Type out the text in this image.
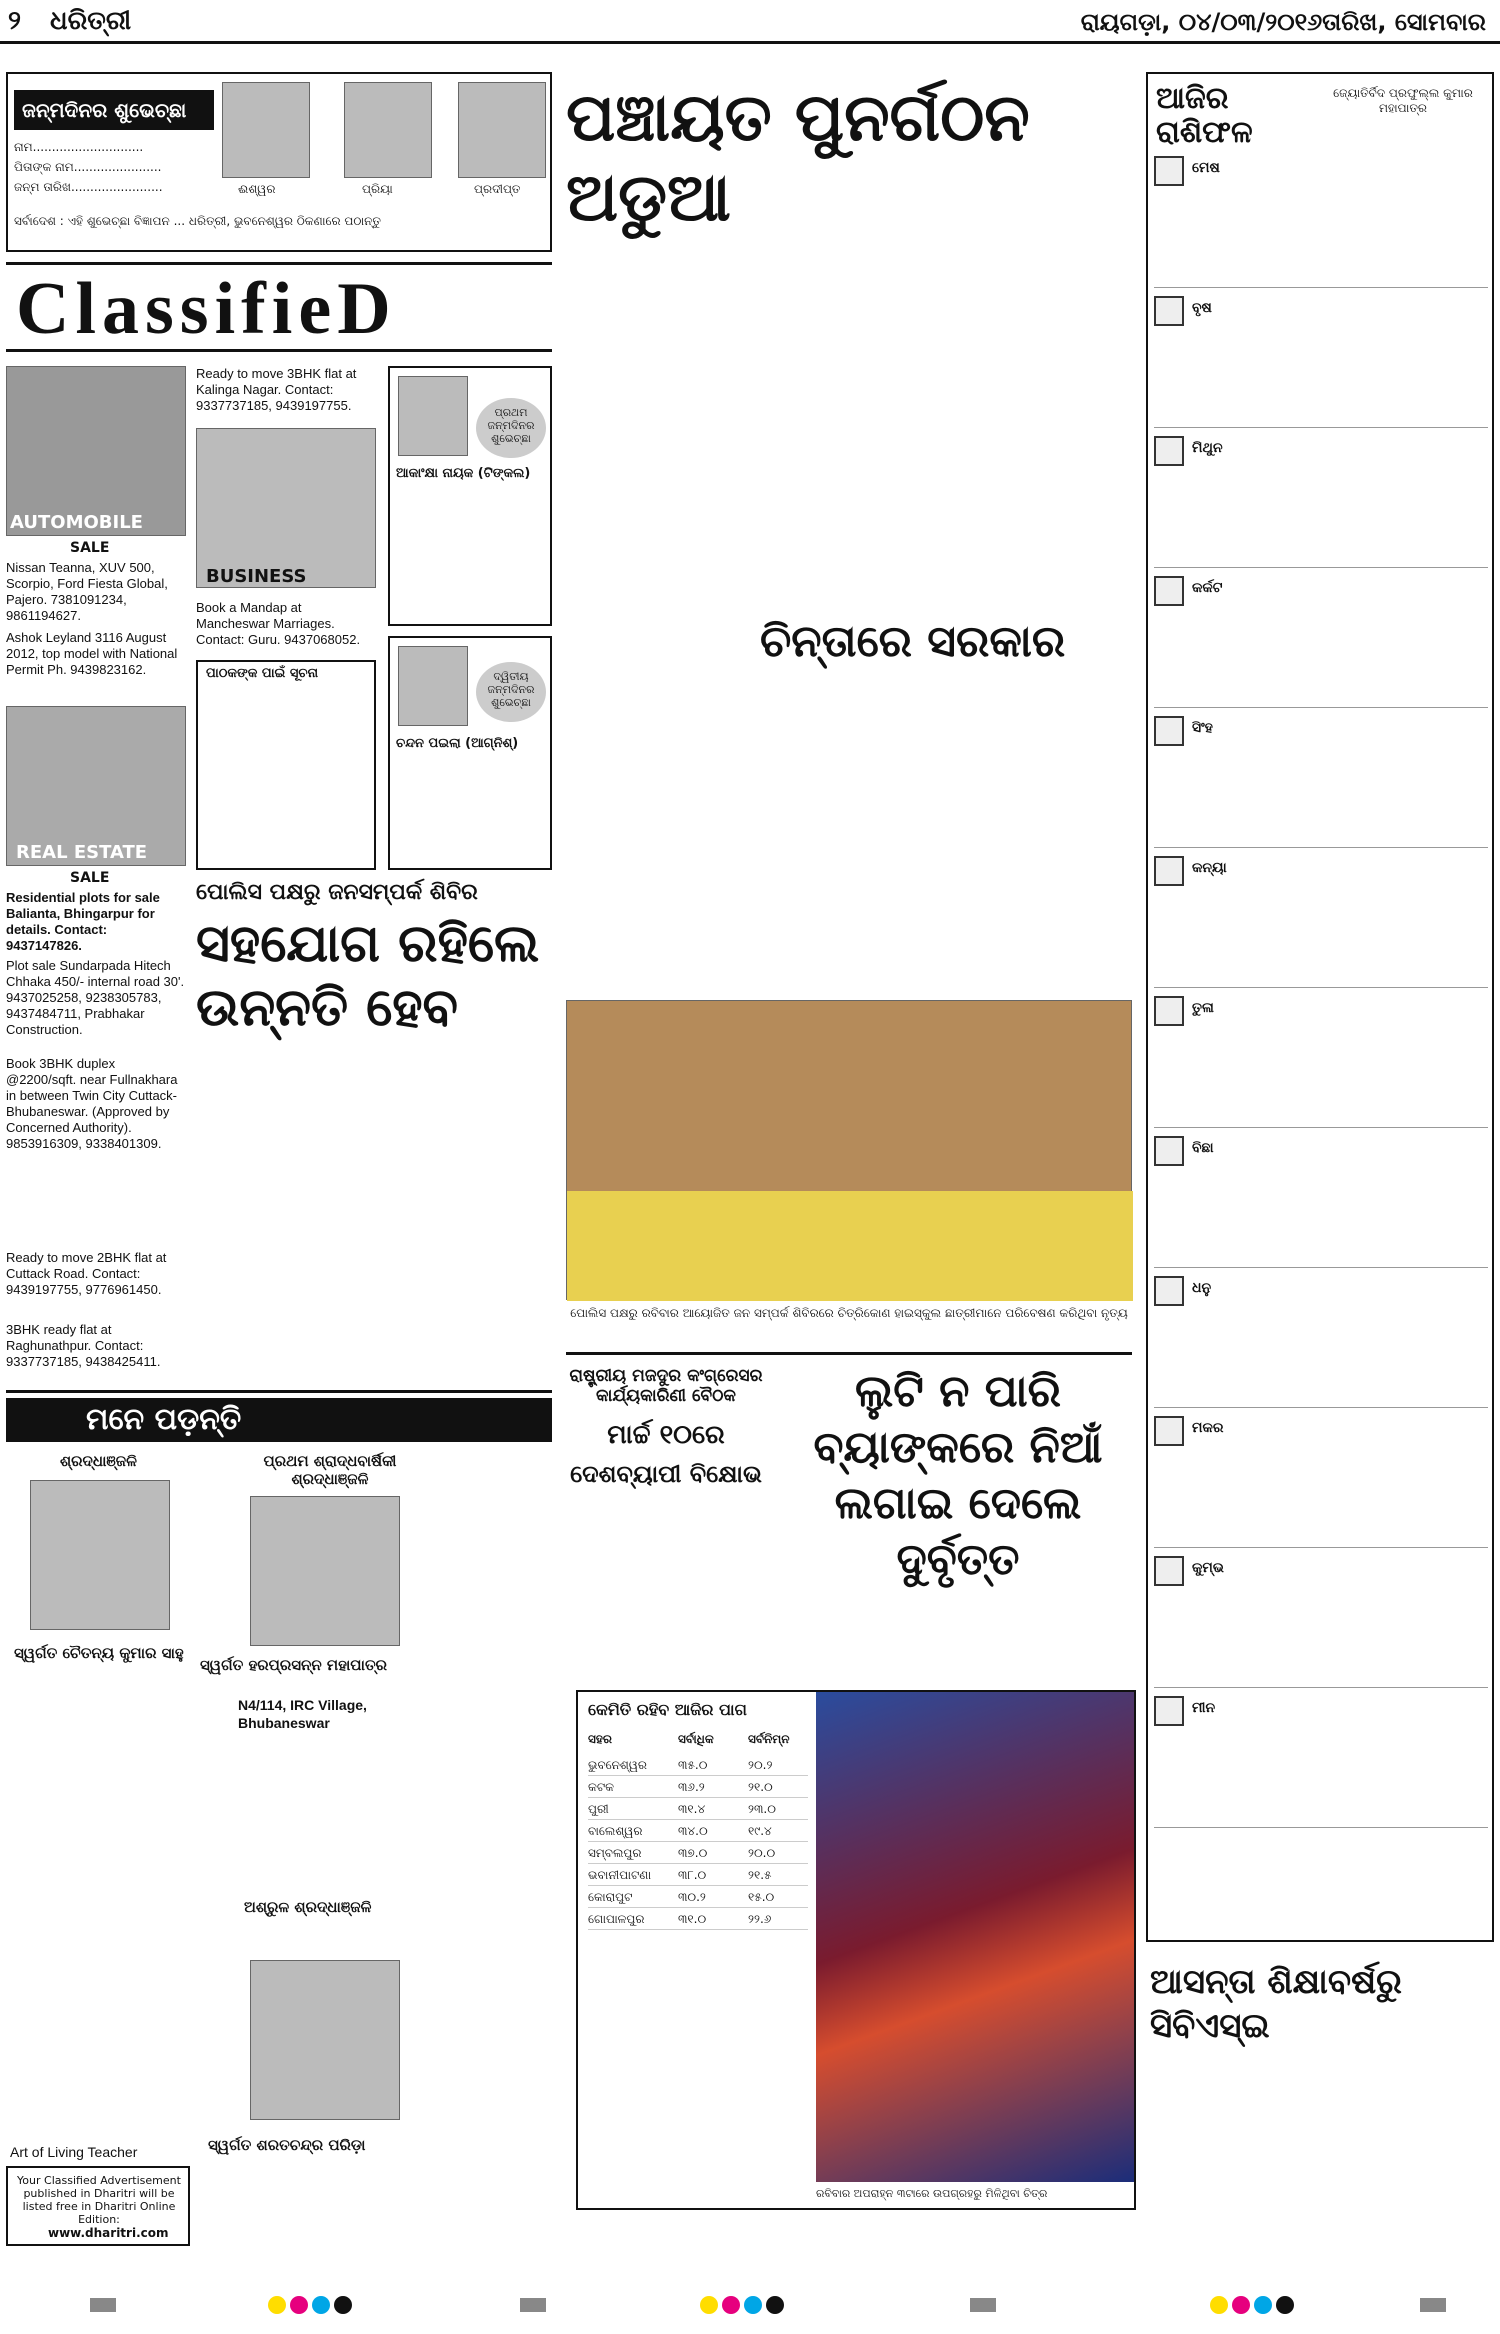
୨ ଧରିତ୍ରୀ	ରାୟଗଡ଼ା, ୦୪/୦୩/୨୦୧୬ତାରିଖ, ସୋମବାର
ଜନ୍ମଦିନର ଶୁଭେଚ୍ଛା
ନାମ.............................
ପିତାଙ୍କ ନାମ.......................
ଜନ୍ମ ତାରିଖ........................	ଈଶ୍ୱର	ପ୍ରିୟା	ପ୍ରଦୀପ୍ତ
ସର୍ବାଦେଶ : ଏହି ଶୁଭେଚ୍ଛା ବିଜ୍ଞାପନ ... ଧରିତ୍ରୀ, ଭୁବନେଶ୍ୱର ଠିକଣାରେ ପଠାନ୍ତୁ
ClassifieD
AUTOMOBILE
SALE
Nissan Teanna, XUV 500, Scorpio, Ford Fiesta Global, Pajero. 7381091234, 9861194627.
Ashok Leyland 3116 August 2012, top model with National Permit Ph. 9439823162.
REAL ESTATE
SALE
Residential plots for sale Balianta, Bhingarpur for details. Contact: 9437147826.
Plot sale Sundarpada Hitech Chhaka 450/- internal road 30'. 9437025258, 9238305783, 9437484711, Prabhakar Construction.
Book 3BHK duplex @2200/sqft. near Fullnakhara in between Twin City Cuttack-Bhubaneswar. (Approved by Concerned Authority). 9853916309, 9338401309.
Ready to move 2BHK flat at Cuttack Road. Contact: 9439197755, 9776961450.
3BHK ready flat at Raghunathpur. Contact: 9337737185, 9438425411.
Ready to move 3BHK flat at Kalinga Nagar. Contact: 9337737185, 9439197755.
BUSINESS
Book a Mandap at Mancheswar Marriages. Contact: Guru. 9437068052.
ପାଠକଙ୍କ ପାଇଁ ସୂଚନା
ପ୍ରଥମ ଜନ୍ମଦିନର ଶୁଭେଚ୍ଛା
ଆକାଂକ୍ଷା ନାୟକ (ଟିଙ୍କଲ)
ଦ୍ୱିତୀୟ ଜନ୍ମଦିନର ଶୁଭେଚ୍ଛା
ଚନ୍ଦନ ପଇଲା (ଆଗ୍ନିଶ୍)
ପୋଲିସ ପକ୍ଷରୁ ଜନସମ୍ପର୍କ ଶିବିର
ସହଯୋଗ ରହିଲେ ଉନ୍ନତି ହେବ
ମନେ ପଡ଼ନ୍ତି
ଶ୍ରଦ୍ଧାଞ୍ଜଳି
ସ୍ୱର୍ଗତ ଚୈତନ୍ୟ କୁମାର ସାହୁ
ପ୍ରଥମ ଶ୍ରାଦ୍ଧବାର୍ଷିକୀ ଶ୍ରଦ୍ଧାଞ୍ଜଳି
ସ୍ୱର୍ଗତ ହରପ୍ରସନ୍ନ ମହାପାତ୍ର
N4/114, IRC Village, Bhubaneswar
ଅଶ୍ରୁଳ ଶ୍ରଦ୍ଧାଞ୍ଜଳି
ସ୍ୱର୍ଗତ ଶରତଚନ୍ଦ୍ର ପରିଡ଼ା
Art of Living Teacher
Your Classified Advertisement published in Dharitri will be listed free in Dharitri Online Edition:
www.dharitri.com
ପଞ୍ଚାୟତ ପୁନର୍ଗଠନ ଅଡୁଆ
ଚିନ୍ତାରେ ସରକାର
ପୋଲିସ ପକ୍ଷରୁ ରବିବାର ଆୟୋଜିତ ଜନ ସମ୍ପର୍କ ଶିବିରରେ ଚିତ୍ରିକୋଣ ହାଇସ୍କୁଲ ଛାତ୍ରୀମାନେ ପରିବେଷଣ କରିଥିବା ନୃତ୍ୟ
ରାଷ୍ଟ୍ରୀୟ ମଜଦୁର କଂଗ୍ରେସର କାର୍ଯ୍ୟକାରିଣୀ ବୈଠକ
ମାର୍ଚ୍ଚ ୧୦ରେ
ଦେଶବ୍ୟାପୀ ବିକ୍ଷୋଭ
ଲୁଟି ନ ପାରି ବ୍ୟାଙ୍କରେ ନିଆଁ ଲଗାଇ ଦେଲେ ଦୁର୍ବୃତ୍ତ
କେମିତି ରହିବ ଆଜିର ପାଗ
ସହର	ସର୍ବାଧିକ	ସର୍ବନିମ୍ନ
ଭୁବନେଶ୍ୱର	୩୫.୦	୨୦.୨
କଟକ	୩୬.୨	୨୧.୦
ପୁରୀ	୩୧.୪	୨୩.୦
ବାଲେଶ୍ୱର	୩୪.୦	୧୯.୪
ସମ୍ବଲପୁର	୩୭.୦	୨୦.୦
ଭବାନୀପାଟଣା ୩୮.୦	୨୧.୫
କୋରାପୁଟ	୩୦.୨	୧୫.୦
ଗୋପାଳପୁର	୩୧.୦	୨୨.୬
ରବିବାର ଅପରାହ୍ନ ୩ଟାରେ ଉପଗ୍ରହରୁ ମିଳିଥିବା ଚିତ୍ର
ଆଜିର ରାଶିଫଳ
ଜ୍ୟୋତିର୍ବିଦ ପ୍ରଫୁଲ୍ଲ କୁମାର ମହାପାତ୍ର
ମେଷ
ବୃଷ
ମିଥୁନ
କର୍କଟ
ସିଂହ
କନ୍ୟା
ତୁଳା
ବିଛା
ଧନୁ
ମକର
କୁମ୍ଭ
ମୀନ
ଆସନ୍ତା ଶିକ୍ଷାବର୍ଷରୁ ସିବିଏସ୍‌ଇ
